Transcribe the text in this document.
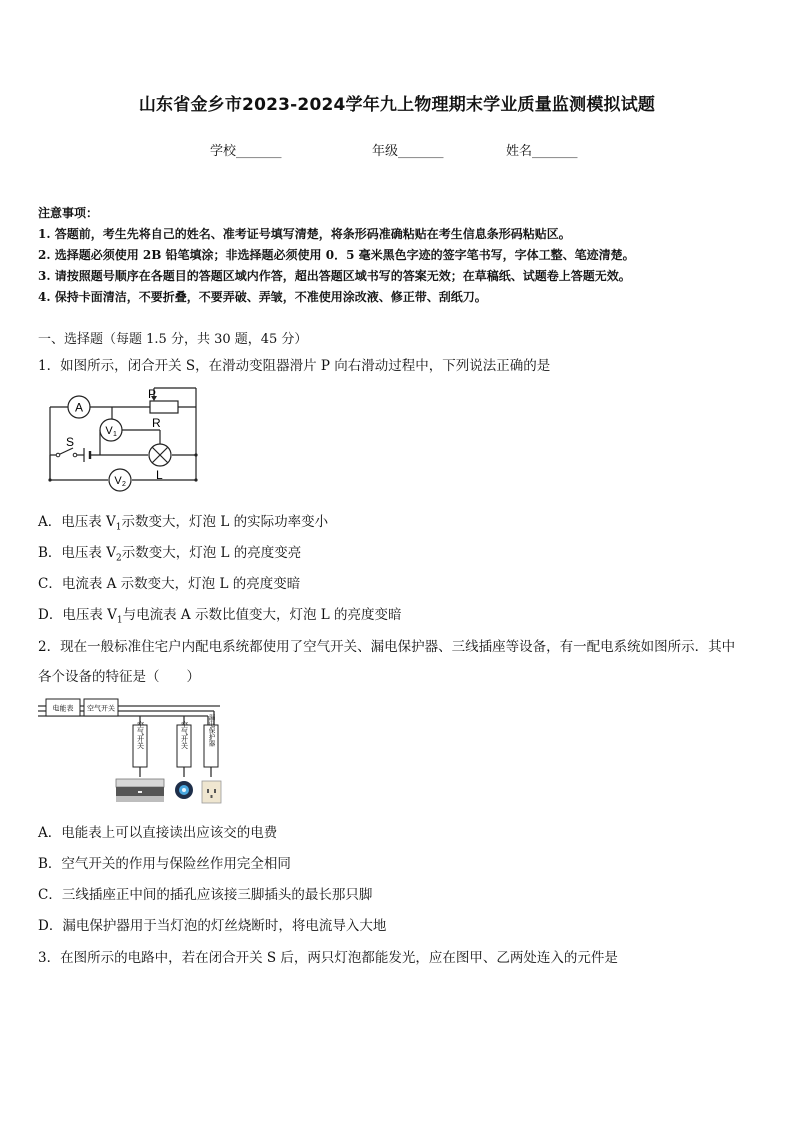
山东省金乡市2023-2024学年九上物理期末学业质量监测模拟试题
学校_______	年级_______	姓名_______
注意事项：
1. 答题前，考生先将自己的姓名、准考证号填写清楚，将条形码准确粘贴在考生信息条形码粘贴区。
2. 选择题必须使用 2B 铅笔填涂；非选择题必须使用 0．5 毫米黑色字迹的签字笔书写，字体工整、笔迹清楚。
3. 请按照题号顺序在各题目的答题区域内作答，超出答题区域书写的答案无效；在草稿纸、试题卷上答题无效。
4. 保持卡面清洁，不要折叠，不要弄破、弄皱，不准使用涂改液、修正带、刮纸刀。
一、选择题（每题 1.5 分，共 30 题，45 分）
1．如图所示，闭合开关 S，在滑动变阻器滑片 P 向右滑动过程中，下列说法正确的是
A
V 1
V 2
P
R
S
L
A．电压表 $V_1$示数变大，灯泡 L 的实际功率变小
B．电压表 $V_2$示数变大，灯泡 L 的亮度变亮
C．电流表 A 示数变大，灯泡 L 的亮度变暗
D．电压表 $V_1$与电流表 A 示数比值变大，灯泡 L 的亮度变暗
2．现在一般标准住宅户内配电系统都使用了空气开关、漏电保护器、三线插座等设备，有一配电系统如图所示．其中
各个设备的特征是（　　）
电能表 空气开关
空气开关	空气开关	漏电保护器
A．电能表上可以直接读出应该交的电费
B．空气开关的作用与保险丝作用完全相同
C．三线插座正中间的插孔应该接三脚插头的最长那只脚
D．漏电保护器用于当灯泡的灯丝烧断时，将电流导入大地
3．在图所示的电路中，若在闭合开关 S 后，两只灯泡都能发光，应在图甲、乙两处连入的元件是
